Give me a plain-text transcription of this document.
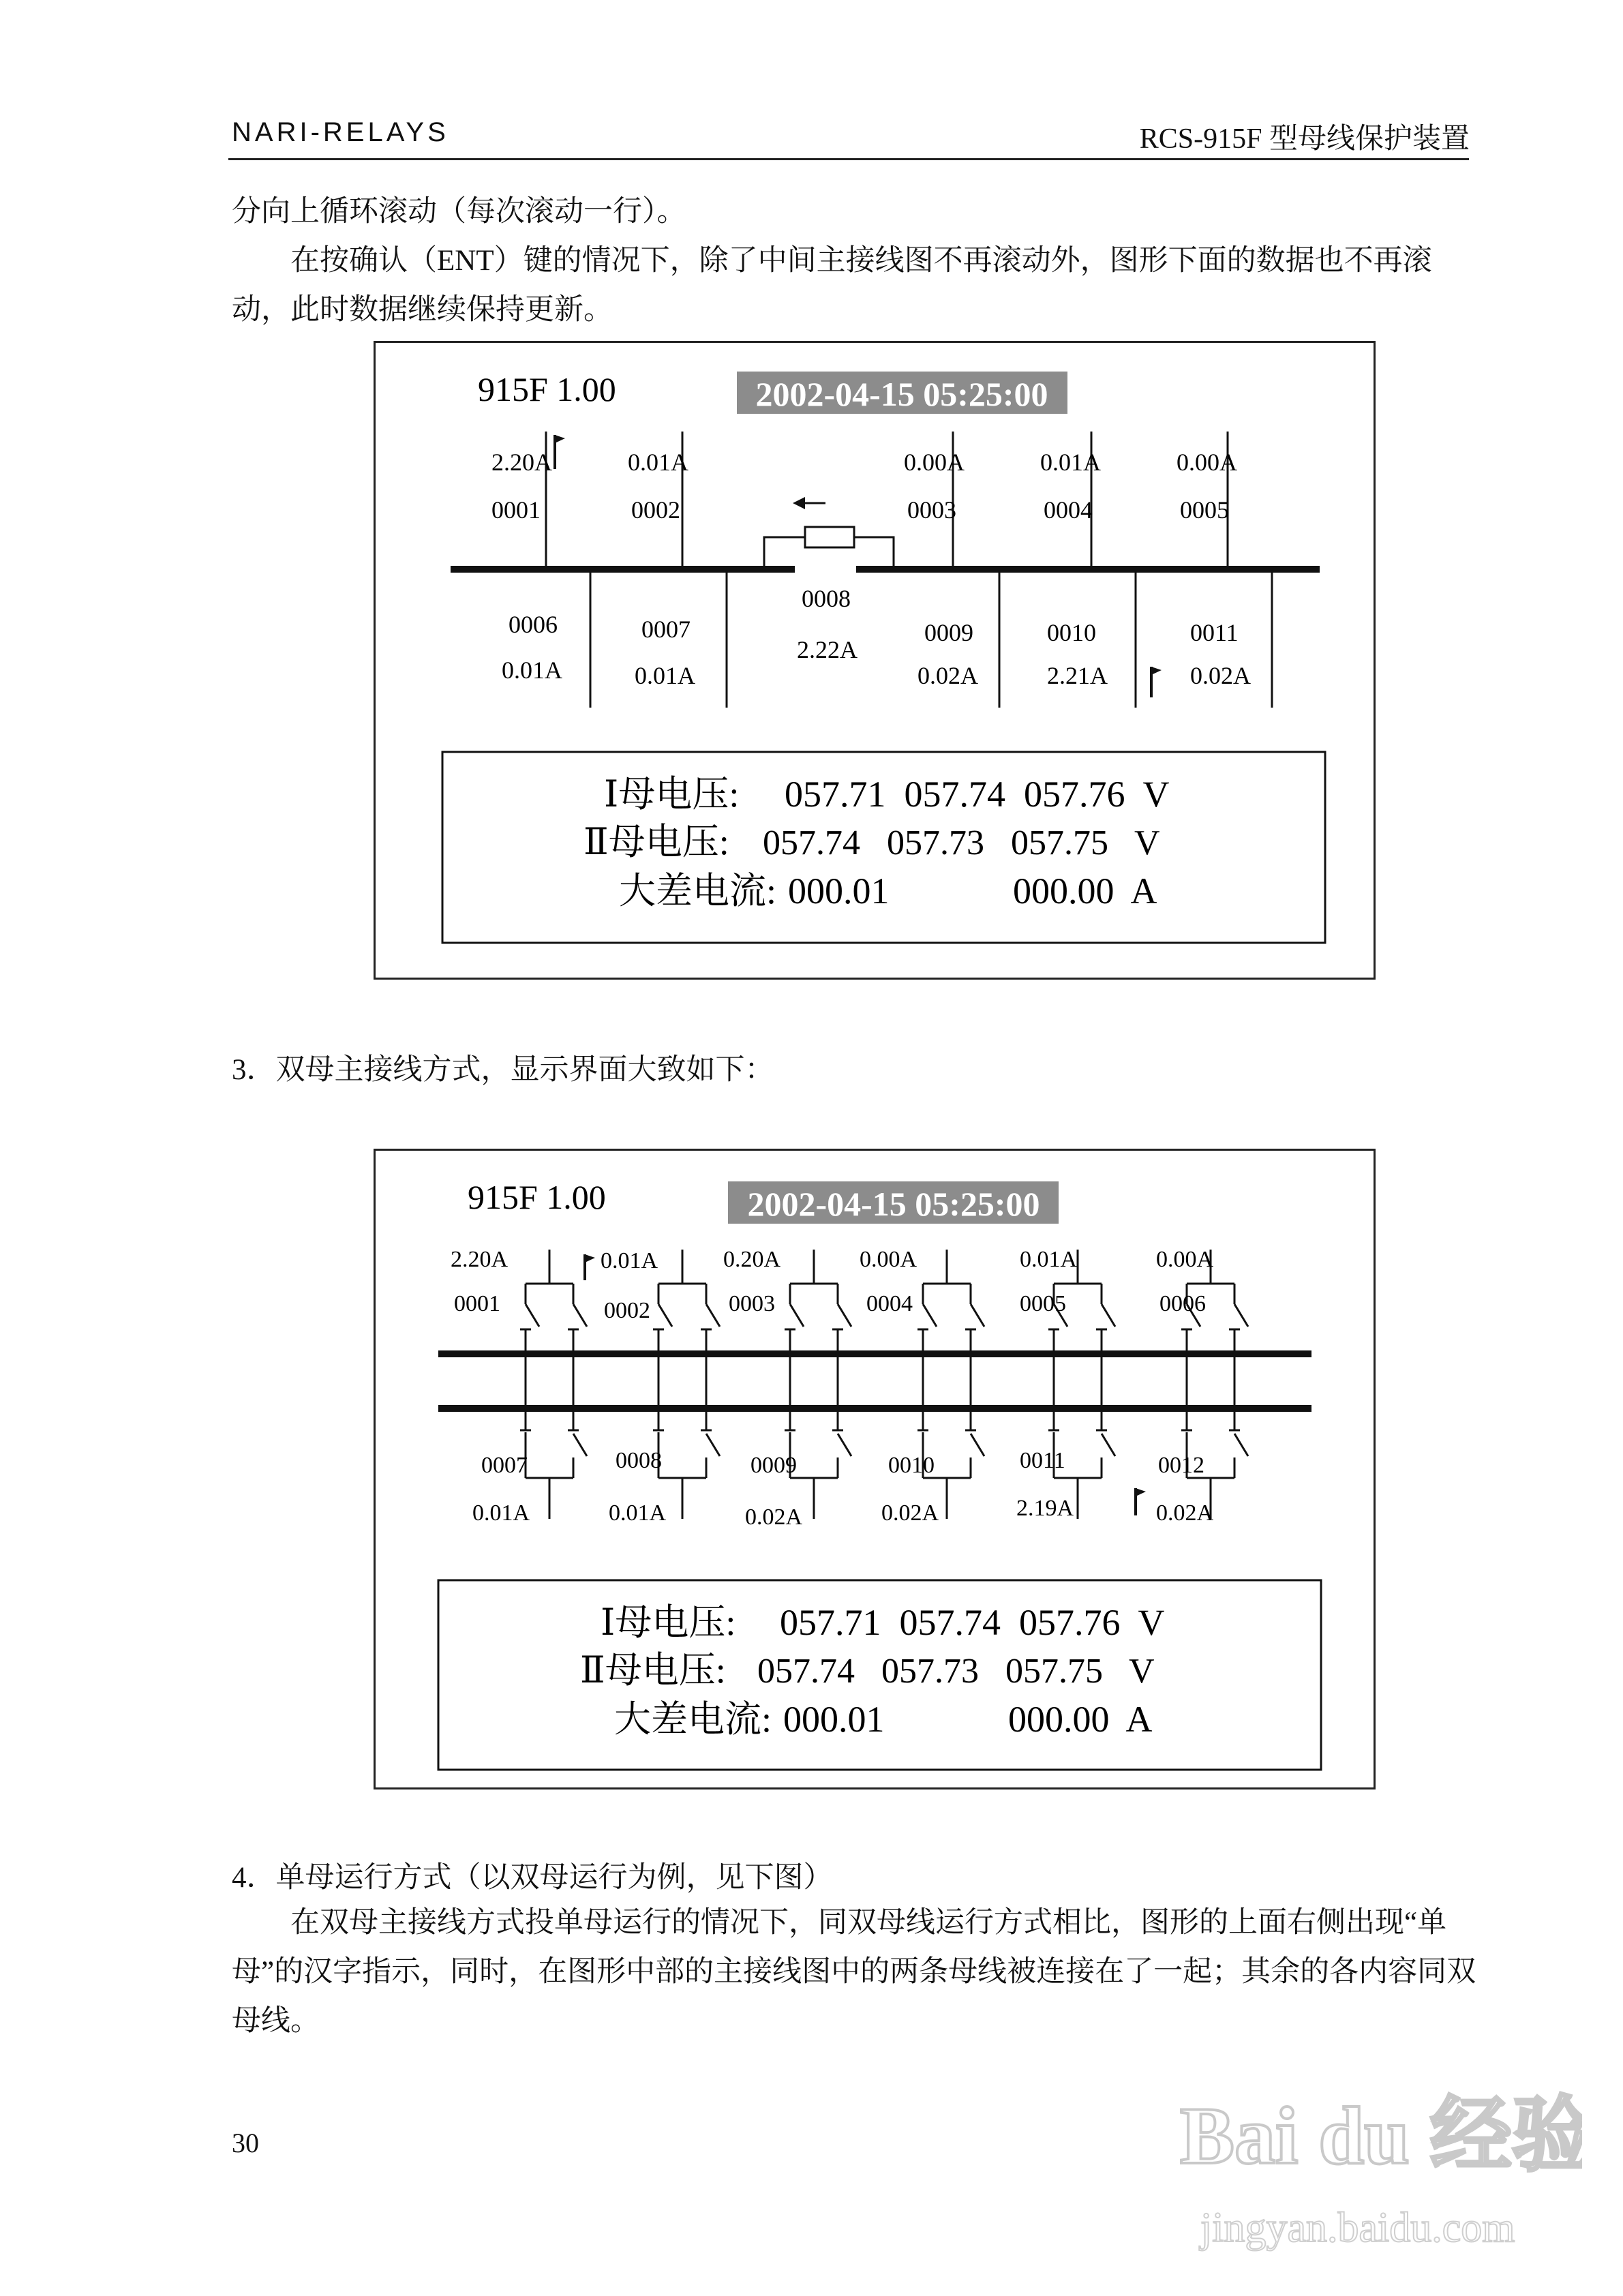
NARI-RELAYS	RCS-915F 型母线保护装置
分向上循环滚动（每次滚动一行）。
在按确认（ENT）键的情况下，除了中间主接线图不再滚动外，图形下面的数据也不再滚动，此时数据继续保持更新。
915F 1.00	2002-04-15 05:25:00
2.20A
0001
0.01A
0002
0.00A
0003
0.01A
0004
0.00A
0005
0006
0.01A
0007
0.01A
0008
2.22A
0009
0.02A
0010
2.21A
0011
0.02A
Ⅰ母电压: 057.71  057.74  057.76  V
Ⅱ母电压: 057.74   057.73   057.75   V
大差电流: 000.01	000.00  A
3．双母主接线方式，显示界面大致如下：
915F 1.00	2002-04-15 05:25:00
2.20A
0001
0.01A
0002
0.20A
0003
0.00A
0004
0.01A
0005
0.00A
0006
0007
0.01A
0008
0.01A
0009
0.02A
0010
0.02A
0011
2.19A
0012
0.02A
Ⅰ母电压: 057.71  057.74  057.76  V
Ⅱ母电压: 057.74   057.73   057.75   V
大差电流: 000.01	000.00  A
4．单母运行方式（以双母运行为例，见下图）
在双母主接线方式投单母运行的情况下，同双母线运行方式相比，图形的上面右侧出现“单母”的汉字指示，同时，在图形中部的主接线图中的两条母线被连接在了一起；其余的各内容同双母线。
30	Bai du 经验
jingyan.baidu.com
